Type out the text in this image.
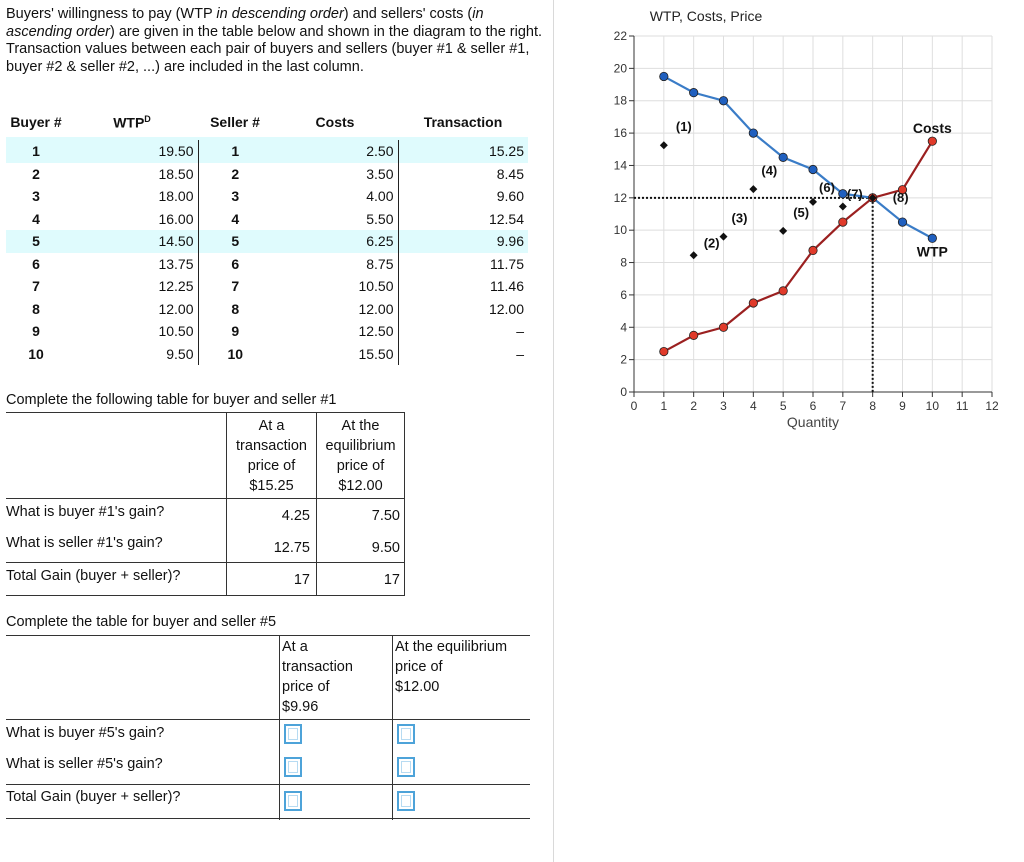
Buyers' willingness to pay (WTP in descending order) and sellers' costs (in ascending order) are given in the table below and shown in the diagram to the right. Transaction values between each pair of buyers and sellers (buyer #1 & seller #1, buyer #2 & seller #2, ...) are included in the last column.
Buyer #	$WTP^D$	Seller #	Costs	Transaction
1	19.50	1	2.50	15.25
2	18.50	2	3.50	8.45
3	18.00	3	4.00	9.60
4	16.00	4	5.50	12.54
5	14.50	5	6.25	9.96
6	13.75	6	8.75	11.75
7	12.25	7	10.50	11.46
8	12.00	8	12.00	12.00
9	10.50	9	12.50	–
10	9.50	10	15.50	–
Complete the following table for buyer and seller #1
At a
transaction
price of
$15.25
At the
equilibrium
price of
$12.00
What is buyer #1's gain?	4.25	7.50
What is seller #1's gain?	12.75	9.50
Total Gain (buyer + seller)?	17	17
Complete the table for buyer and seller #5
At a
transaction
price of
$9.96
At the equilibrium
price of
$12.00
What is buyer #5's gain?
What is seller #5's gain?
Total Gain (buyer + seller)?
0
2
4
6
8
10
12
14
16
18
20
22
0 1 2 3 4 5 6 7 8 9 10 11 12
WTP, Costs, Price
Quantity
Costs
WTP
(1)
(2)
(3)
(4)
(5)
(6) (7) (8)
